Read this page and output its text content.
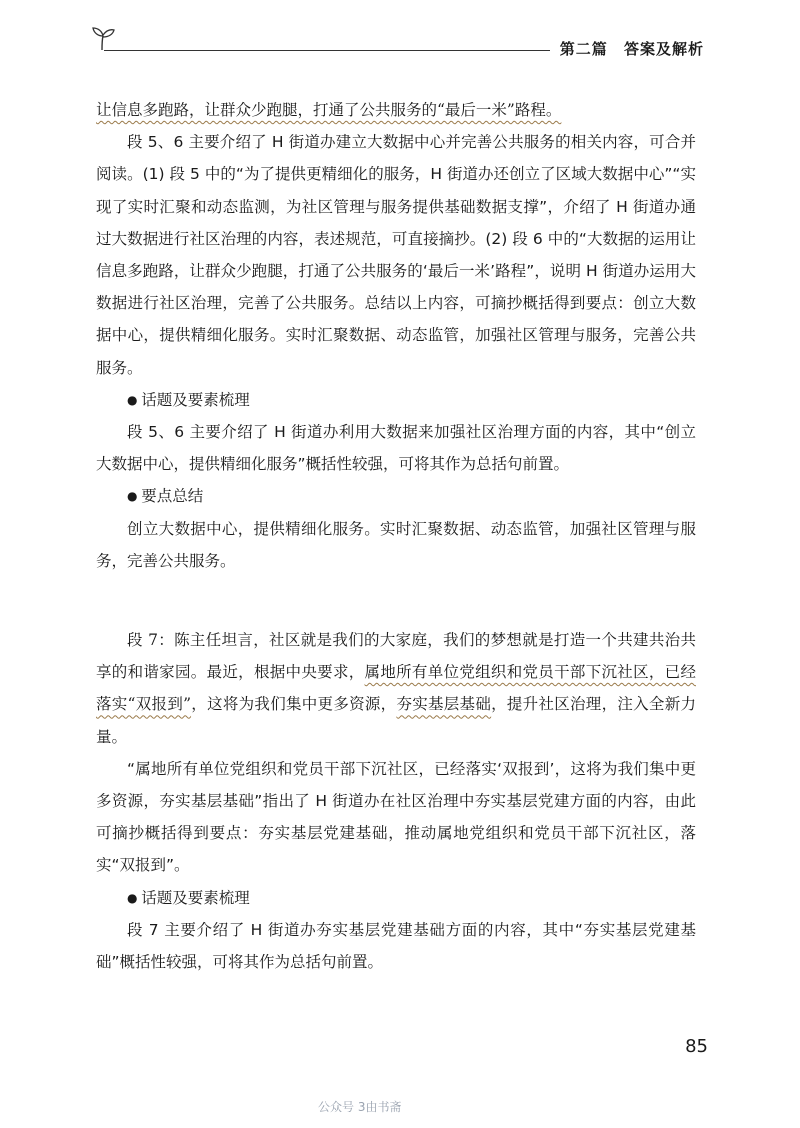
第二篇 答案及解析

让信息多跑路，让群众少跑腿，打通了公共服务的“最后一米”路程。

段 5、6 主要介绍了 H 街道办建立大数据中心并完善公共服务的相关内容，可合并阅读。(1) 段 5 中的“为了提供更精细化的服务，H 街道办还创立了区域大数据中心”“实现了实时汇聚和动态监测，为社区管理与服务提供基础数据支撑”，介绍了 H 街道办通过大数据进行社区治理的内容，表述规范，可直接摘抄。(2) 段 6 中的“大数据的运用让信息多跑路，让群众少跑腿，打通了公共服务的‘最后一米’路程”，说明 H 街道办运用大数据进行社区治理，完善了公共服务。总结以上内容，可摘抄概括得到要点：创立大数据中心，提供精细化服务。实时汇聚数据、动态监管，加强社区管理与服务，完善公共服务。

● 话题及要素梳理

段 5、6 主要介绍了 H 街道办利用大数据来加强社区治理方面的内容，其中“创立大数据中心，提供精细化服务”概括性较强，可将其作为总括句前置。

● 要点总结

创立大数据中心，提供精细化服务。实时汇聚数据、动态监管，加强社区管理与服务，完善公共服务。

段 7：陈主任坦言，社区就是我们的大家庭，我们的梦想就是打造一个共建共治共享的和谐家园。最近，根据中央要求，属地所有单位党组织和党员干部下沉社区，已经落实“双报到”，这将为我们集中更多资源，夯实基层基础，提升社区治理，注入全新力量。

“属地所有单位党组织和党员干部下沉社区，已经落实‘双报到’，这将为我们集中更多资源，夯实基层基础”指出了 H 街道办在社区治理中夯实基层党建方面的内容，由此可摘抄概括得到要点：夯实基层党建基础，推动属地党组织和党员干部下沉社区，落实“双报到”。

● 话题及要素梳理

段 7 主要介绍了 H 街道办夯实基层党建基础方面的内容，其中“夯实基层党建基础”概括性较强，可将其作为总括句前置。

85
公众号 3由书斋
